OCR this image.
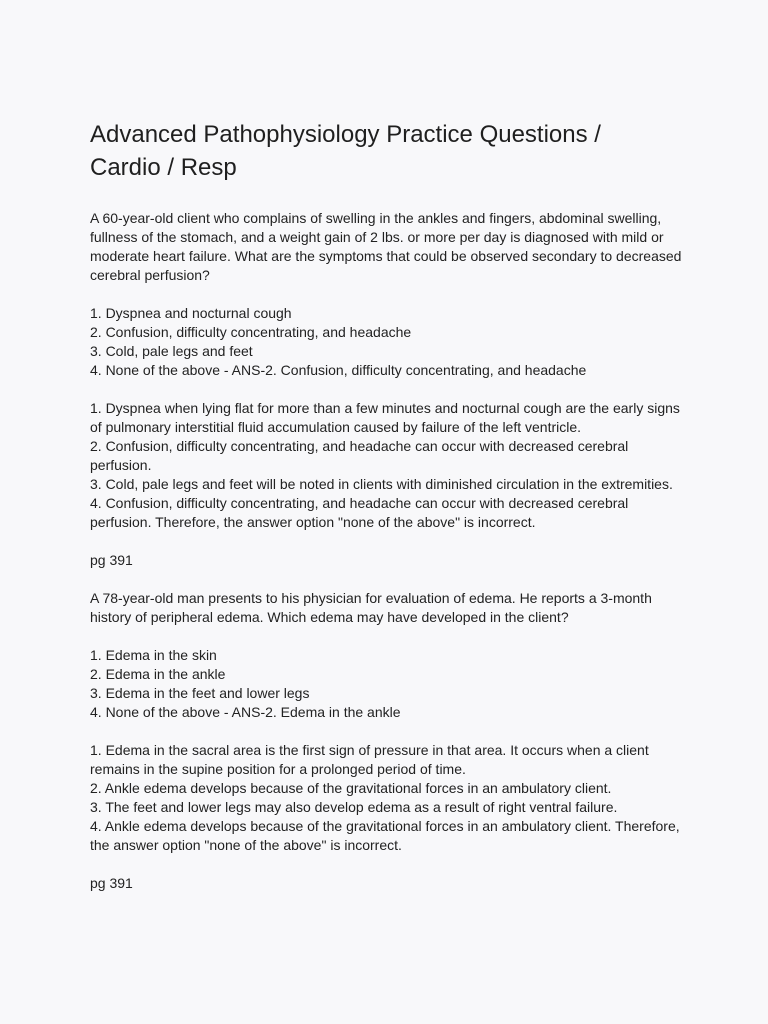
Advanced Pathophysiology Practice Questions /
Cardio / Resp

A 60-year-old client who complains of swelling in the ankles and fingers, abdominal swelling, fullness of the stomach, and a weight gain of 2 lbs. or more per day is diagnosed with mild or moderate heart failure. What are the symptoms that could be observed secondary to decreased cerebral perfusion?

1. Dyspnea and nocturnal cough
2. Confusion, difficulty concentrating, and headache
3. Cold, pale legs and feet
4. None of the above - ANS-2. Confusion, difficulty concentrating, and headache
1. Dyspnea when lying flat for more than a few minutes and nocturnal cough are the early signs of pulmonary interstitial fluid accumulation caused by failure of the left ventricle.
2. Confusion, difficulty concentrating, and headache can occur with decreased cerebral perfusion.
3. Cold, pale legs and feet will be noted in clients with diminished circulation in the extremities.
4. Confusion, difficulty concentrating, and headache can occur with decreased cerebral perfusion. Therefore, the answer option "none of the above" is incorrect.

pg 391

A 78-year-old man presents to his physician for evaluation of edema. He reports a 3-month history of peripheral edema. Which edema may have developed in the client?

1. Edema in the skin
2. Edema in the ankle
3. Edema in the feet and lower legs
4. None of the above - ANS-2. Edema in the ankle
1. Edema in the sacral area is the first sign of pressure in that area. It occurs when a client remains in the supine position for a prolonged period of time.
2. Ankle edema develops because of the gravitational forces in an ambulatory client.
3. The feet and lower legs may also develop edema as a result of right ventral failure.
4. Ankle edema develops because of the gravitational forces in an ambulatory client. Therefore, the answer option "none of the above" is incorrect.

pg 391
